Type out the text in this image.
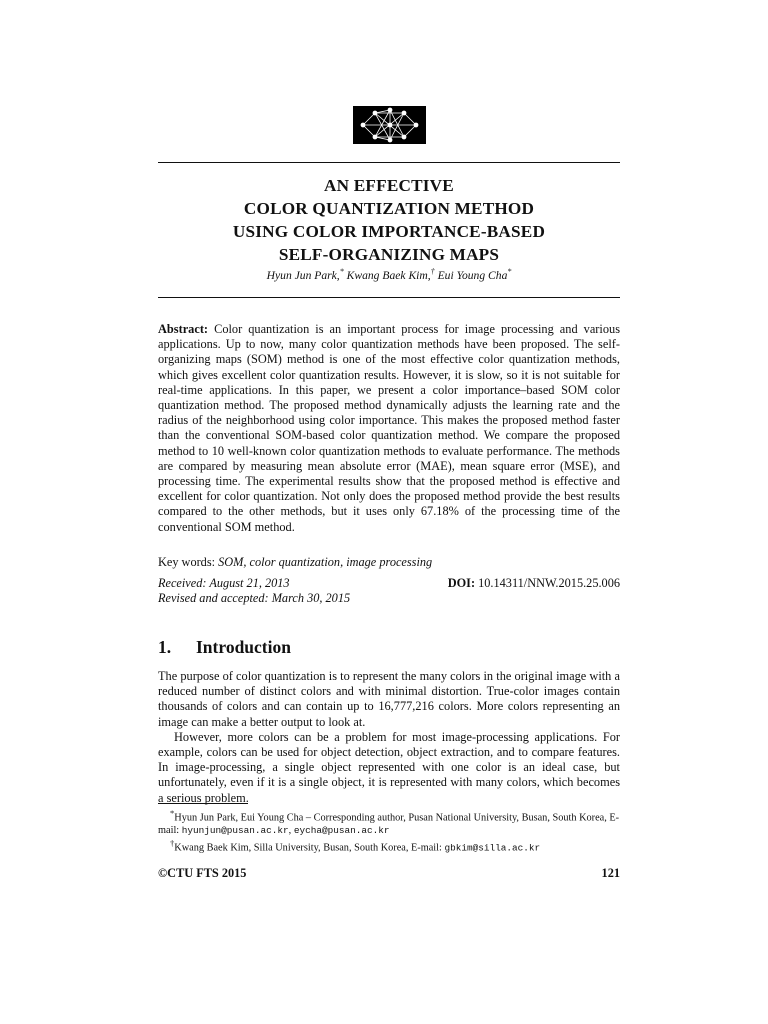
AN EFFECTIVE
COLOR QUANTIZATION METHOD
USING COLOR IMPORTANCE-BASED
SELF-ORGANIZING MAPS
Hyun Jun Park,* Kwang Baek Kim,† Eui Young Cha*
Abstract: Color quantization is an important process for image processing and various applications. Up to now, many color quantization methods have been proposed. The self-organizing maps (SOM) method is one of the most effective color quantization methods, which gives excellent color quantization results. However, it is slow, so it is not suitable for real-time applications. In this paper, we present a color importance–based SOM color quantization method. The proposed method dynamically adjusts the learning rate and the radius of the neighborhood using color importance. This makes the proposed method faster than the conventional SOM-based color quantization method. We compare the proposed method to 10 well-known color quantization methods to evaluate performance. The methods are compared by measuring mean absolute error (MAE), mean square error (MSE), and processing time. The experimental results show that the proposed method is effective and excellent for color quantization. Not only does the proposed method provide the best results compared to the other methods, but it uses only 67.18% of the processing time of the conventional SOM method.
Key words: SOM, color quantization, image processing
Received: August 21, 2013
Revised and accepted: March 30, 2015
DOI: 10.14311/NNW.2015.25.006
1. Introduction

The purpose of color quantization is to represent the many colors in the original image with a reduced number of distinct colors and with minimal distortion. True-color images contain thousands of colors and can contain up to 16,777,216 colors. More colors representing an image can make a better output to look at.

However, more colors can be a problem for most image-processing applications. For example, colors can be used for object detection, object extraction, and to compare features. In image-processing, a single object represented with one color is an ideal case, but unfortunately, even if it is a single object, it is represented with many colors, which becomes a serious problem.

*Hyun Jun Park, Eui Young Cha – Corresponding author, Pusan National University, Busan, South Korea, E-mail: hyunjun@pusan.ac.kr, eycha@pusan.ac.kr

†Kwang Baek Kim, Silla University, Busan, South Korea, E-mail: gbkim@silla.ac.kr

©CTU FTS 2015	121
